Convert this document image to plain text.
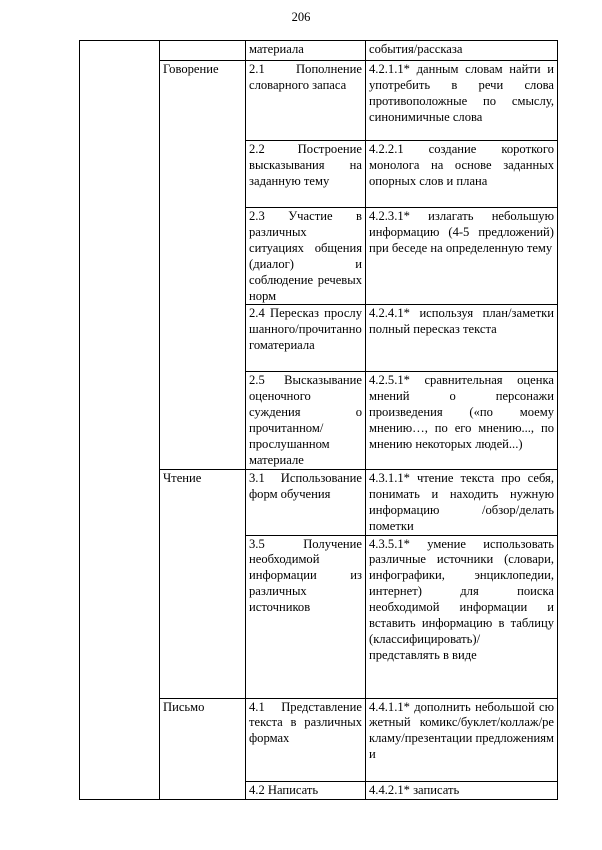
206
		материала	события/рассказа
	Говорение	2.1 Пополнение словарного запаса	4.2.1.1* данным словам найти и употребить в речи слова противоположные по смыслу, синонимичные слова
		2.2 Построение высказывания на заданную тему	4.2.2.1 создание короткого монолога на основе заданных опорных слов и плана
		2.3 Участие в различных ситуациях общения (диалог) и соблюдение речевых норм	4.2.3.1* излагать небольшую информацию (4-5 предложений) при беседе на определенную тему
		2.4 Пересказ прослушанного/прочитанногоматериала	4.2.4.1* используя план/заметки полный пересказ текста
		2.5 Высказывание оценочного суждения о прочитанном/ прослушанном материале	4.2.5.1* сравнительная оценка мнений о персонажи произведения («по моему мнению…, по его мнению..., по мнению некоторых людей...)
	Чтение	3.1 Использование форм обучения	4.3.1.1* чтение текста про себя, понимать и находить нужную информацию /обзор/делать пометки
		3.5 Получение необходимой информации из различных источников	4.3.5.1* умение использовать различные источники (словари, инфографики, энциклопедии, интернет) для поиска необходимой информации и вставить информацию в таблицу (классифицировать)/ представлять в виде
	Письмо	4.1 Представление текста в различных формах	4.4.1.1* дополнить небольшой сюжетный комикс/буклет/коллаж/рекламу/презентации предложениями
		4.2 Написать	4.4.2.1* записать
